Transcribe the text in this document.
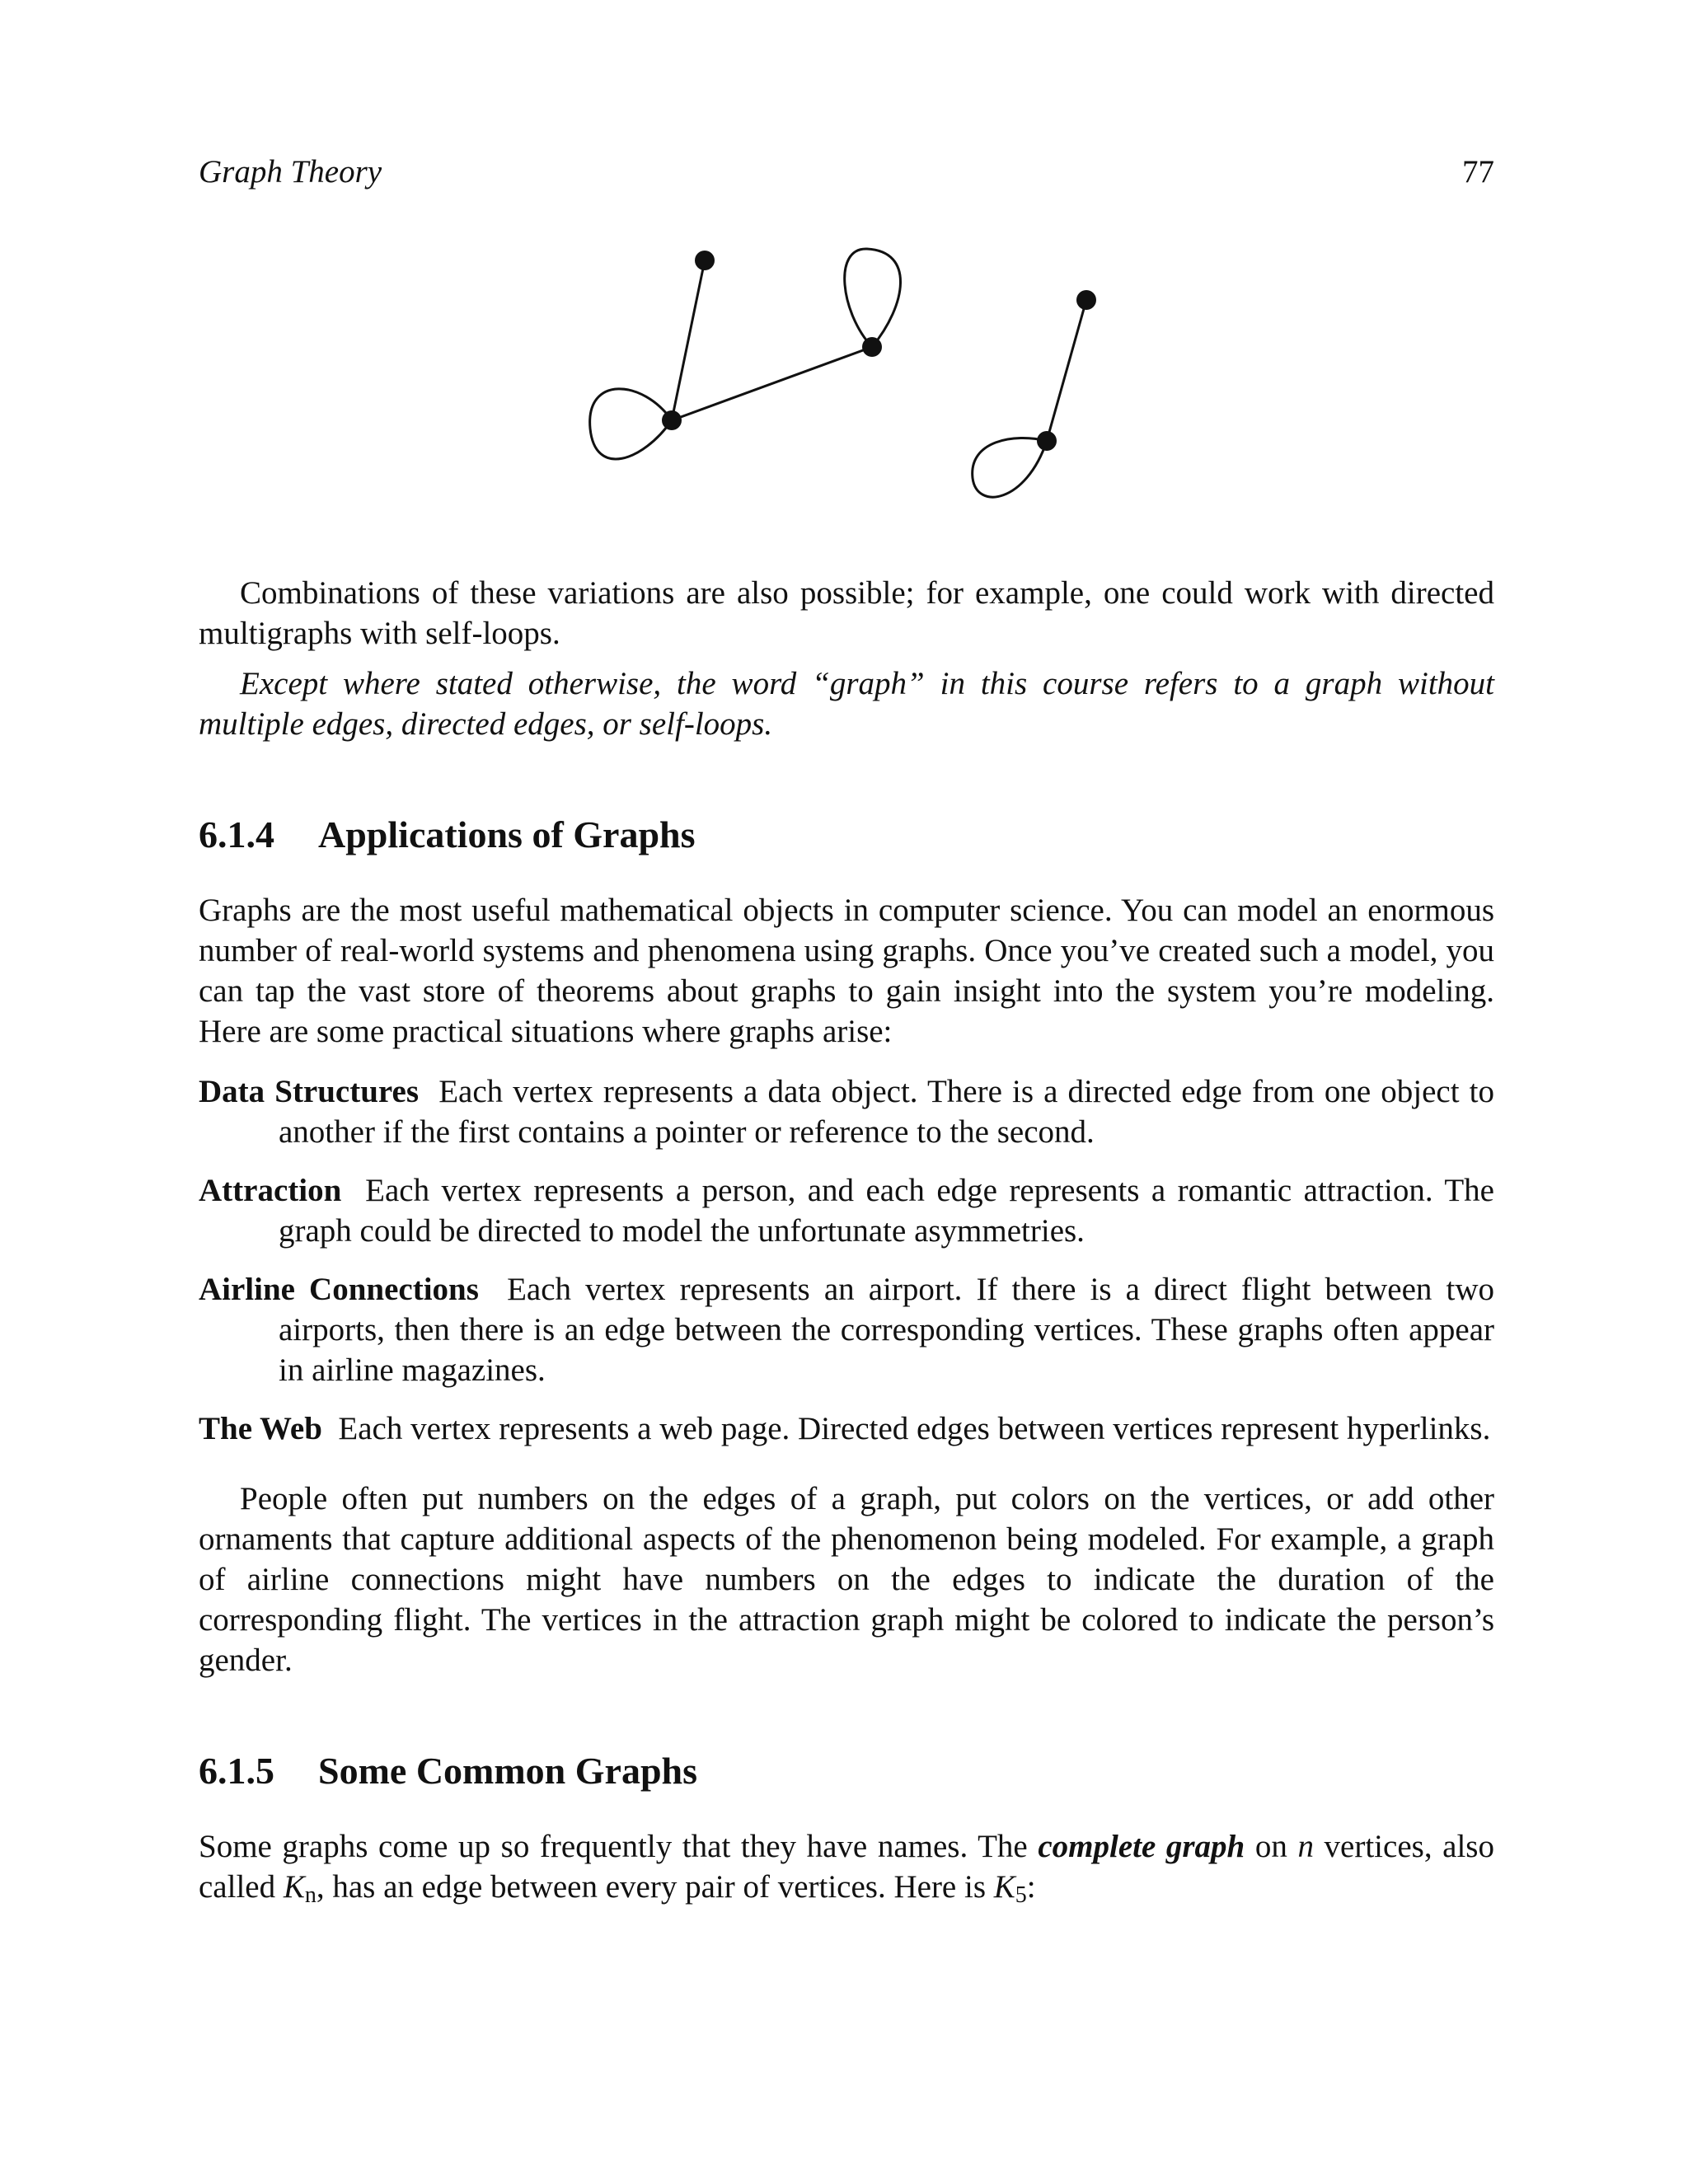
Graph Theory	77

Combinations of these variations are also possible; for example, one could work with directed multigraphs with self-loops.

Except where stated otherwise, the word “graph” in this course refers to a graph without multiple edges, directed edges, or self-loops.

6.1.4 Applications of Graphs

Graphs are the most useful mathematical objects in computer science. You can model an enormous number of real-world systems and phenomena using graphs. Once you’ve created such a model, you can tap the vast store of theorems about graphs to gain insight into the system you’re modeling. Here are some practical situations where graphs arise:

Data Structures Each vertex represents a data object. There is a directed edge from one object to another if the first contains a pointer or reference to the second.
Attraction Each vertex represents a person, and each edge represents a romantic attraction. The graph could be directed to model the unfortunate asymmetries.
Airline Connections Each vertex represents an airport. If there is a direct flight between two airports, then there is an edge between the corresponding vertices. These graphs often appear in airline magazines.
The Web Each vertex represents a web page. Directed edges between vertices represent hyperlinks.

People often put numbers on the edges of a graph, put colors on the vertices, or add other ornaments that capture additional aspects of the phenomenon being modeled. For example, a graph of airline connections might have numbers on the edges to indicate the duration of the corresponding flight. The vertices in the attraction graph might be colored to indicate the person’s gender.

6.1.5 Some Common Graphs

Some graphs come up so frequently that they have names. The complete graph on n vertices, also called $K_n$, has an edge between every pair of vertices. Here is $K_5$:
